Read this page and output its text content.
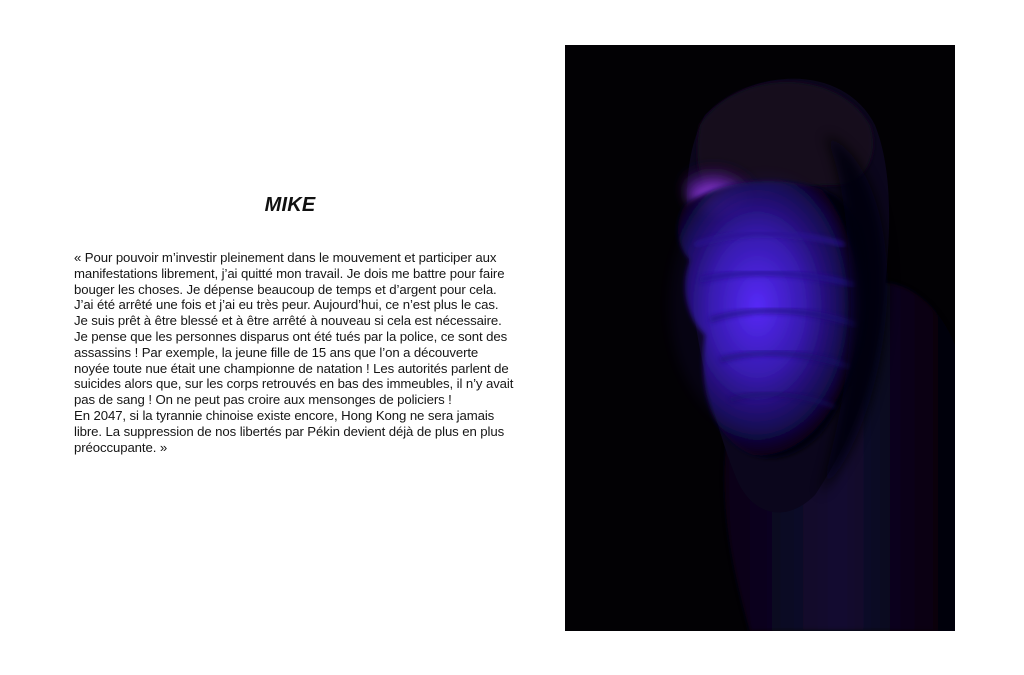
MIKE

« Pour pouvoir m’investir pleinement dans le mouvement et participer aux manifestations librement, j’ai quitté mon travail. Je dois me battre pour faire bouger les choses. Je dépense beaucoup de temps et d’argent pour cela.

J’ai été arrêté une fois et j’ai eu très peur. Aujourd’hui, ce n’est plus le cas. Je suis prêt à être blessé et à être arrêté à nouveau si cela est nécessaire.

Je pense que les personnes disparus ont été tués par la police, ce sont des assassins ! Par exemple, la jeune fille de 15 ans que l’on a découverte noyée toute nue était une championne de natation ! Les autorités parlent de suicides alors que, sur les corps retrouvés en bas des immeubles, il n’y avait pas de sang ! On ne peut pas croire aux mensonges de policiers !

En 2047, si la tyrannie chinoise existe encore, Hong Kong ne sera jamais libre. La suppression de nos libertés par Pékin devient déjà de plus en plus préoccupante. »
